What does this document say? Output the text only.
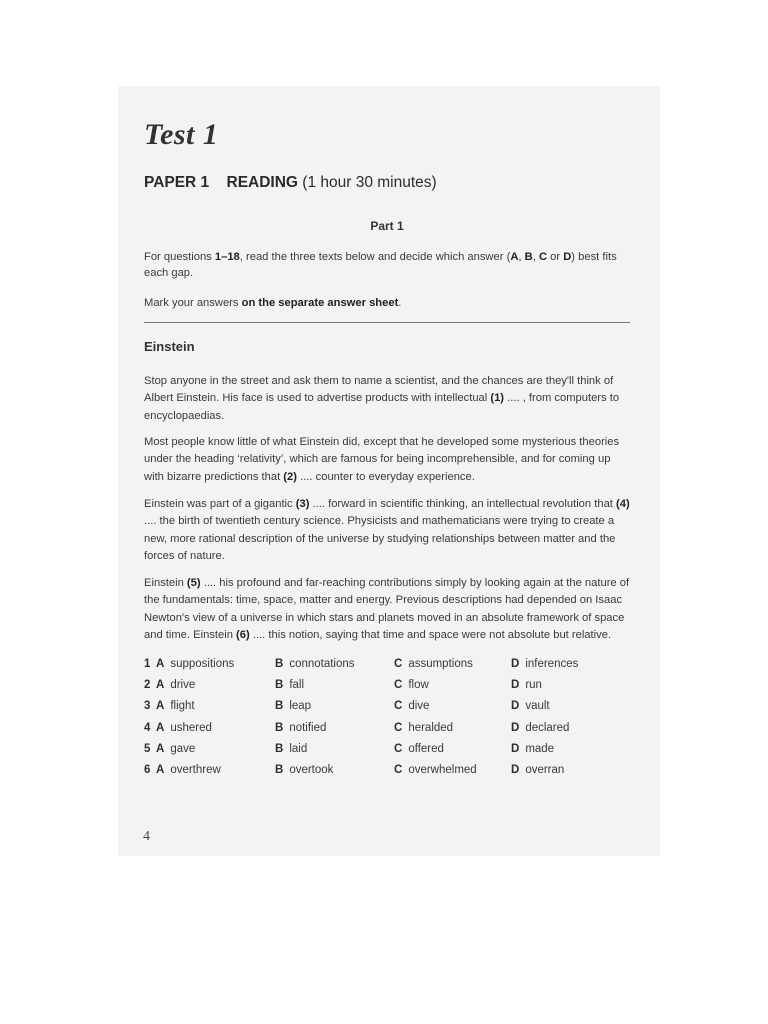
Test 1
PAPER 1 READING (1 hour 30 minutes)
Part 1

For questions 1–18, read the three texts below and decide which answer (A, B, C or D) best fits each gap.

Mark your answers on the separate answer sheet.

Einstein

Stop anyone in the street and ask them to name a scientist, and the chances are they'll think of Albert Einstein. His face is used to advertise products with intellectual (1) .... , from computers to encyclopaedias.

Most people know little of what Einstein did, except that he developed some mysterious theories under the heading ‘relativity’, which are famous for being incomprehensible, and for coming up with bizarre predictions that (2) .... counter to everyday experience.

Einstein was part of a gigantic (3) .... forward in scientific thinking, an intellectual revolution that (4) .... the birth of twentieth century science. Physicists and mathematicians were trying to create a new, more rational description of the universe by studying relationships between matter and the forces of nature.

Einstein (5) .... his profound and far-reaching contributions simply by looking again at the nature of the fundamentals: time, space, matter and energy. Previous descriptions had depended on Isaac Newton's view of a universe in which stars and planets moved in an absolute framework of space and time. Einstein (6) .... this notion, saying that time and space were not absolute but relative.

1 A suppositions	B connotations	C assumptions	D inferences
2 A drive	B fall	C flow	D run
3 A flight	B leap	C dive	D vault
4 A ushered	B notified	C heralded	D declared
5 A gave	B laid	C offered	D made
6 A overthrew	B overtook	C overwhelmed	D overran
4
